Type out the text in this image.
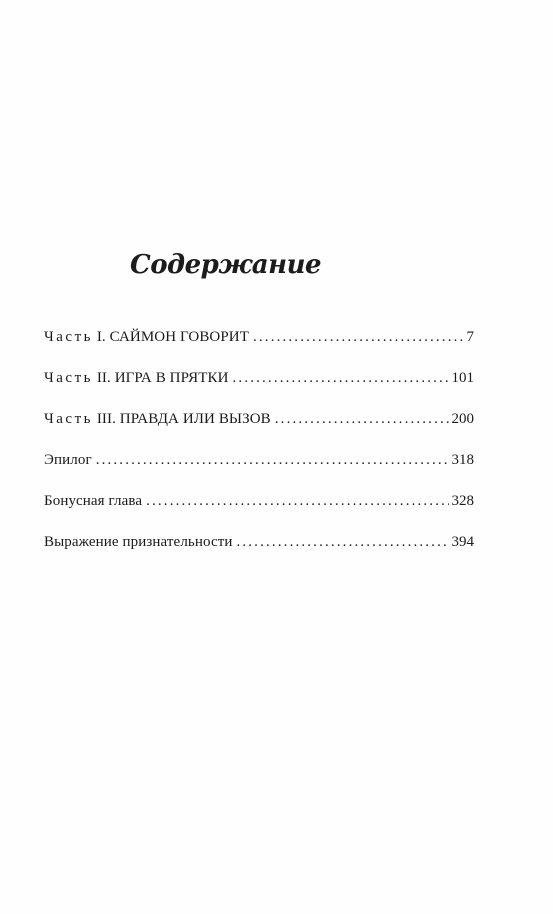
Содержание
Часть I. САЙМОН ГОВОРИТ . . .	7
Часть II. ИГРА В ПРЯТКИ . . .	101
Часть III. ПРАВДА ИЛИ ВЫЗОВ . . .	200
Эпилог . . .	318
Бонусная глава . . .	328
Выражение признательности . . .	394
